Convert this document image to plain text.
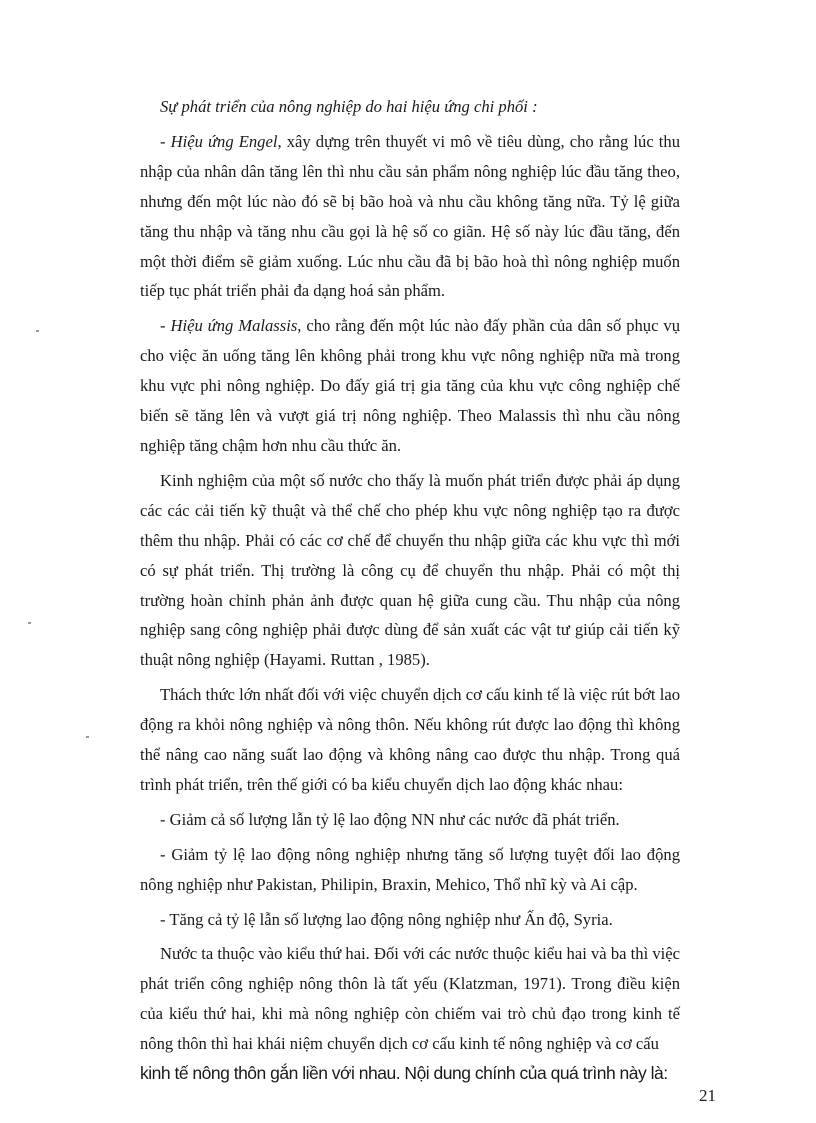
Sự phát triển của nông nghiệp do hai hiệu ứng chi phối :

- Hiệu ứng Engel, xây dựng trên thuyết vi mô về tiêu dùng, cho rằng lúc thu nhập của nhân dân tăng lên thì nhu cầu sản phẩm nông nghiệp lúc đầu tăng theo, nhưng đến một lúc nào đó sẽ bị bão hoà và nhu cầu không tăng nữa. Tỷ lệ giữa tăng thu nhập và tăng nhu cầu gọi là hệ số co giãn. Hệ số này lúc đầu tăng, đến một thời điểm sẽ giảm xuống. Lúc nhu cầu đã bị bão hoà thì nông nghiệp muốn tiếp tục phát triển phải đa dạng hoá sản phẩm.

- Hiệu ứng Malassis, cho rằng đến một lúc nào đấy phần của dân số phục vụ cho việc ăn uống tăng lên không phải trong khu vực nông nghiệp nữa mà trong khu vực phi nông nghiệp. Do đấy giá trị gia tăng của khu vực công nghiệp chế biến sẽ tăng lên và vượt giá trị nông nghiệp. Theo Malassis thì nhu cầu nông nghiệp tăng chậm hơn nhu cầu thức ăn.

Kinh nghiệm của một số nước cho thấy là muốn phát triển được phải áp dụng các các cải tiến kỹ thuật và thể chế cho phép khu vực nông nghiệp tạo ra được thêm thu nhập. Phải có các cơ chế để chuyển thu nhập giữa các khu vực thì mới có sự phát triển. Thị trường là công cụ để chuyển thu nhập. Phải có một thị trường hoàn chỉnh phản ảnh được quan hệ giữa cung cầu. Thu nhập của nông nghiệp sang công nghiệp phải được dùng để sản xuất các vật tư giúp cải tiến kỹ thuật nông nghiệp (Hayami. Ruttan , 1985).

Thách thức lớn nhất đối với việc chuyển dịch cơ cấu kinh tế là việc rút bớt lao động ra khỏi nông nghiệp và nông thôn. Nếu không rút được lao động thì không thể nâng cao năng suất lao động và không nâng cao được thu nhập. Trong quá trình phát triển, trên thế giới có ba kiểu chuyển dịch lao động khác nhau:

- Giảm cả số lượng lẫn tỷ lệ lao động NN như các nước đã phát triển.

- Giảm tỷ lệ lao động nông nghiệp nhưng tăng số lượng tuyệt đối lao động nông nghiệp như Pakistan, Philipin, Braxin, Mehico, Thổ nhĩ kỳ và Ai cập.

- Tăng cả tỷ lệ lẫn số lượng lao động nông nghiệp như Ấn độ, Syria.

Nước ta thuộc vào kiểu thứ hai. Đối với các nước thuộc kiểu hai và ba thì việc phát triển công nghiệp nông thôn là tất yếu (Klatzman, 1971). Trong điều kiện của kiểu thứ hai, khi mà nông nghiệp còn chiếm vai trò chủ đạo trong kinh tế nông thôn thì hai khái niệm chuyển dịch cơ cấu kinh tế nông nghiệp và cơ cấu

kinh tế nông thôn gắn liền với nhau. Nội dung chính của quá trình này là:

21
